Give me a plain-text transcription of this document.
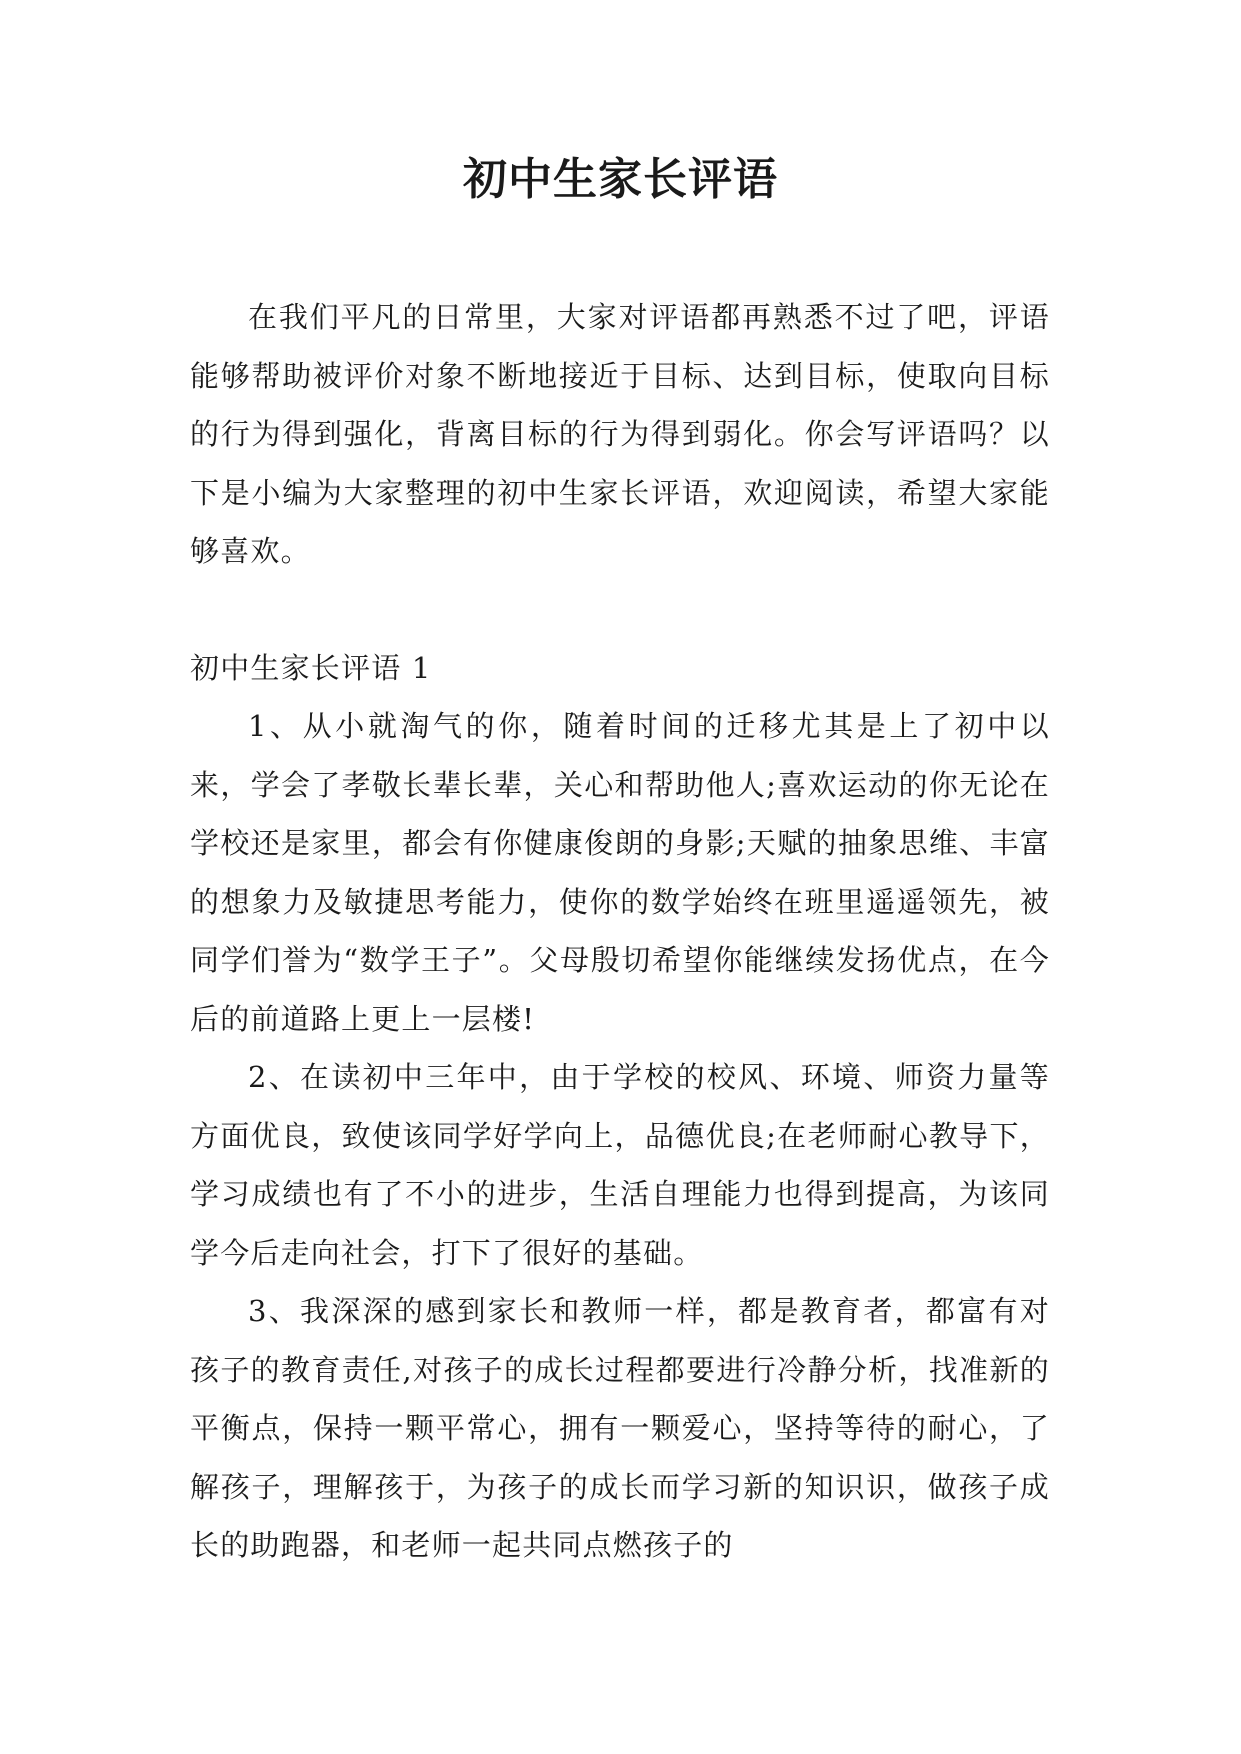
初中生家长评语

在我们平凡的日常里，大家对评语都再熟悉不过了吧，评语能够帮助被评价对象不断地接近于目标、达到目标，使取向目标的行为得到强化，背离目标的行为得到弱化。你会写评语吗？以下是小编为大家整理的初中生家长评语，欢迎阅读，希望大家能够喜欢。

初中生家长评语 1

1、从小就淘气的你，随着时间的迁移尤其是上了初中以来，学会了孝敬长辈长辈，关心和帮助他人;喜欢运动的你无论在学校还是家里，都会有你健康俊朗的身影;天赋的抽象思维、丰富的想象力及敏捷思考能力，使你的数学始终在班里遥遥领先，被同学们誉为“数学王子”。父母殷切希望你能继续发扬优点，在今后的前道路上更上一层楼!

2、在读初中三年中，由于学校的校风、环境、师资力量等方面优良，致使该同学好学向上，品德优良;在老师耐心教导下，学习成绩也有了不小的进步，生活自理能力也得到提高，为该同学今后走向社会，打下了很好的基础。

3、我深深的感到家长和教师一样，都是教育者，都富有对孩子的教育责任,对孩子的成长过程都要进行冷静分析，找准新的平衡点，保持一颗平常心，拥有一颗爱心，坚持等待的耐心，了解孩子，理解孩于，为孩子的成长而学习新的知识识，做孩子成长的助跑器，和老师一起共同点燃孩子的
